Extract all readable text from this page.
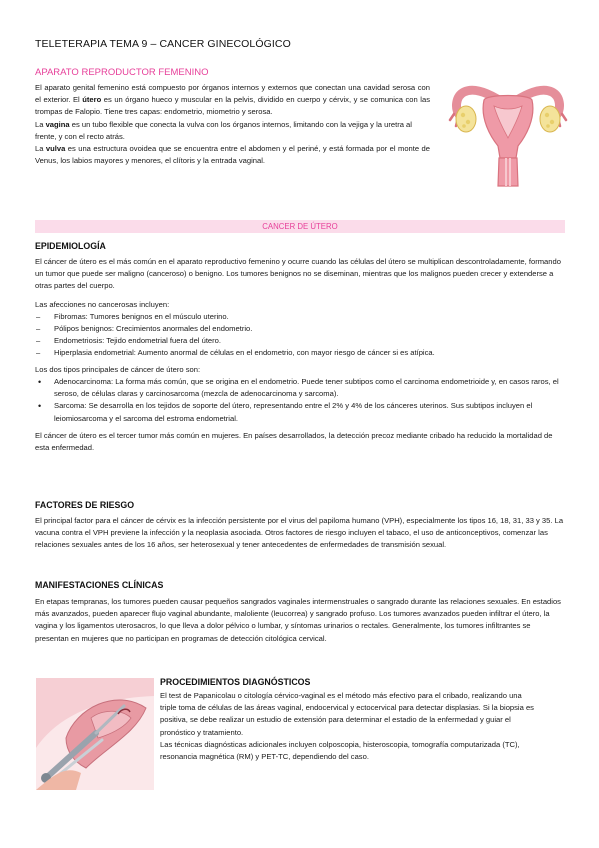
TELETERAPIA TEMA 9 – CANCER GINECOLÓGICO
APARATO REPRODUCTOR FEMENINO

El aparato genital femenino está compuesto por órganos internos y externos que conectan una cavidad serosa con el exterior. El útero es un órgano hueco y muscular en la pelvis, dividido en cuerpo y cérvix, y se comunica con las trompas de Falopio. Tiene tres capas: endometrio, miometrio y serosa.

La vagina es un tubo flexible que conecta la vulva con los órganos internos, limitando con la vejiga y la uretra al frente, y con el recto atrás.

La vulva es una estructura ovoidea que se encuentra entre el abdomen y el periné, y está formada por el monte de Venus, los labios mayores y menores, el clítoris y la entrada vaginal.

CANCER DE ÚTERO
EPIDEMIOLOGÍA

El cáncer de útero es el más común en el aparato reproductivo femenino y ocurre cuando las células del útero se multiplican descontroladamente, formando un tumor que puede ser maligno (canceroso) o benigno. Los tumores benignos no se diseminan, mientras que los malignos pueden crecer y extenderse a otras partes del cuerpo.

Las afecciones no cancerosas incluyen:

– Fibromas: Tumores benignos en el músculo uterino.
– Pólipos benignos: Crecimientos anormales del endometrio.
– Endometriosis: Tejido endometrial fuera del útero.
– Hiperplasia endometrial: Aumento anormal de células en el endometrio, con mayor riesgo de cáncer si es atípica.

Los dos tipos principales de cáncer de útero son:

• Adenocarcinoma: La forma más común, que se origina en el endometrio. Puede tener subtipos como el carcinoma endometrioide y, en casos raros, el seroso, de células claras y carcinosarcoma (mezcla de adenocarcinoma y sarcoma).
• Sarcoma: Se desarrolla en los tejidos de soporte del útero, representando entre el 2% y 4% de los cánceres uterinos. Sus subtipos incluyen el leiomiosarcoma y el sarcoma del estroma endometrial.

El cáncer de útero es el tercer tumor más común en mujeres. En países desarrollados, la detección precoz mediante cribado ha reducido la mortalidad de esta enfermedad.

FACTORES DE RIESGO

El principal factor para el cáncer de cérvix es la infección persistente por el virus del papiloma humano (VPH), especialmente los tipos 16, 18, 31, 33 y 35. La vacuna contra el VPH previene la infección y la neoplasia asociada. Otros factores de riesgo incluyen el tabaco, el uso de anticonceptivos, comenzar las relaciones sexuales antes de los 16 años, ser heterosexual y tener antecedentes de enfermedades de transmisión sexual.

MANIFESTACIONES CLÍNICAS

En etapas tempranas, los tumores pueden causar pequeños sangrados vaginales intermenstruales o sangrado durante las relaciones sexuales. En estadios más avanzados, pueden aparecer flujo vaginal abundante, maloliente (leucorrea) y sangrado profuso. Los tumores avanzados pueden infiltrar el útero, la vagina y los ligamentos uterosacros, lo que lleva a dolor pélvico o lumbar, y síntomas urinarios o rectales. Generalmente, los tumores infiltrantes se presentan en mujeres que no participan en programas de detección citológica cervical.

PROCEDIMIENTOS DIAGNÓSTICOS

El test de Papanicolau o citología cérvico-vaginal es el método más efectivo para el cribado, realizando una triple toma de células de las áreas vaginal, endocervical y ectocervical para detectar displasias. Si la biopsia es positiva, se debe realizar un estudio de extensión para determinar el estadio de la enfermedad y guiar el pronóstico y tratamiento.

Las técnicas diagnósticas adicionales incluyen colposcopia, histeroscopia, tomografía computarizada (TC), resonancia magnética (RM) y PET-TC, dependiendo del caso.
